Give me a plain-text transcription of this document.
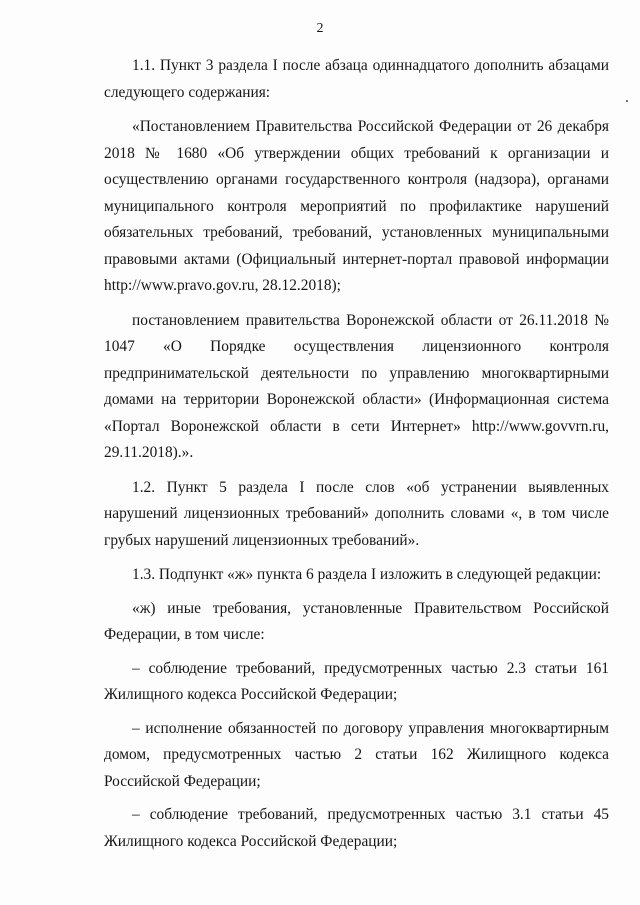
2

1.1. Пункт 3 раздела I после абзаца одиннадцатого дополнить абзацами следующего содержания:

«Постановлением Правительства Российской Федерации от 26 декабря 2018 № 1680 «Об утверждении общих требований к организации и осуществлению органами государственного контроля (надзора), органами муниципального контроля мероприятий по профилактике нарушений обязательных требований, требований, установленных муниципальными правовыми актами (Официальный интернет-портал правовой информации http://www.pravo.gov.ru, 28.12.2018);

постановлением правительства Воронежской области от 26.11.2018 № 1047 «О Порядке осуществления лицензионного контроля предпринимательской деятельности по управлению многоквартирными домами на территории Воронежской области» (Информационная система «Портал Воронежской области в сети Интернет» http://www.govvrn.ru, 29.11.2018).».

1.2. Пункт 5 раздела I после слов «об устранении выявленных нарушений лицензионных требований» дополнить словами «, в том числе грубых нарушений лицензионных требований».

1.3. Подпункт «ж» пункта 6 раздела I изложить в следующей редакции:

«ж) иные требования, установленные Правительством Российской Федерации, в том числе:

– соблюдение требований, предусмотренных частью 2.3 статьи 161 Жилищного кодекса Российской Федерации;

– исполнение обязанностей по договору управления многоквартирным домом, предусмотренных частью 2 статьи 162 Жилищного кодекса Российской Федерации;

– соблюдение требований, предусмотренных частью 3.1 статьи 45 Жилищного кодекса Российской Федерации;
